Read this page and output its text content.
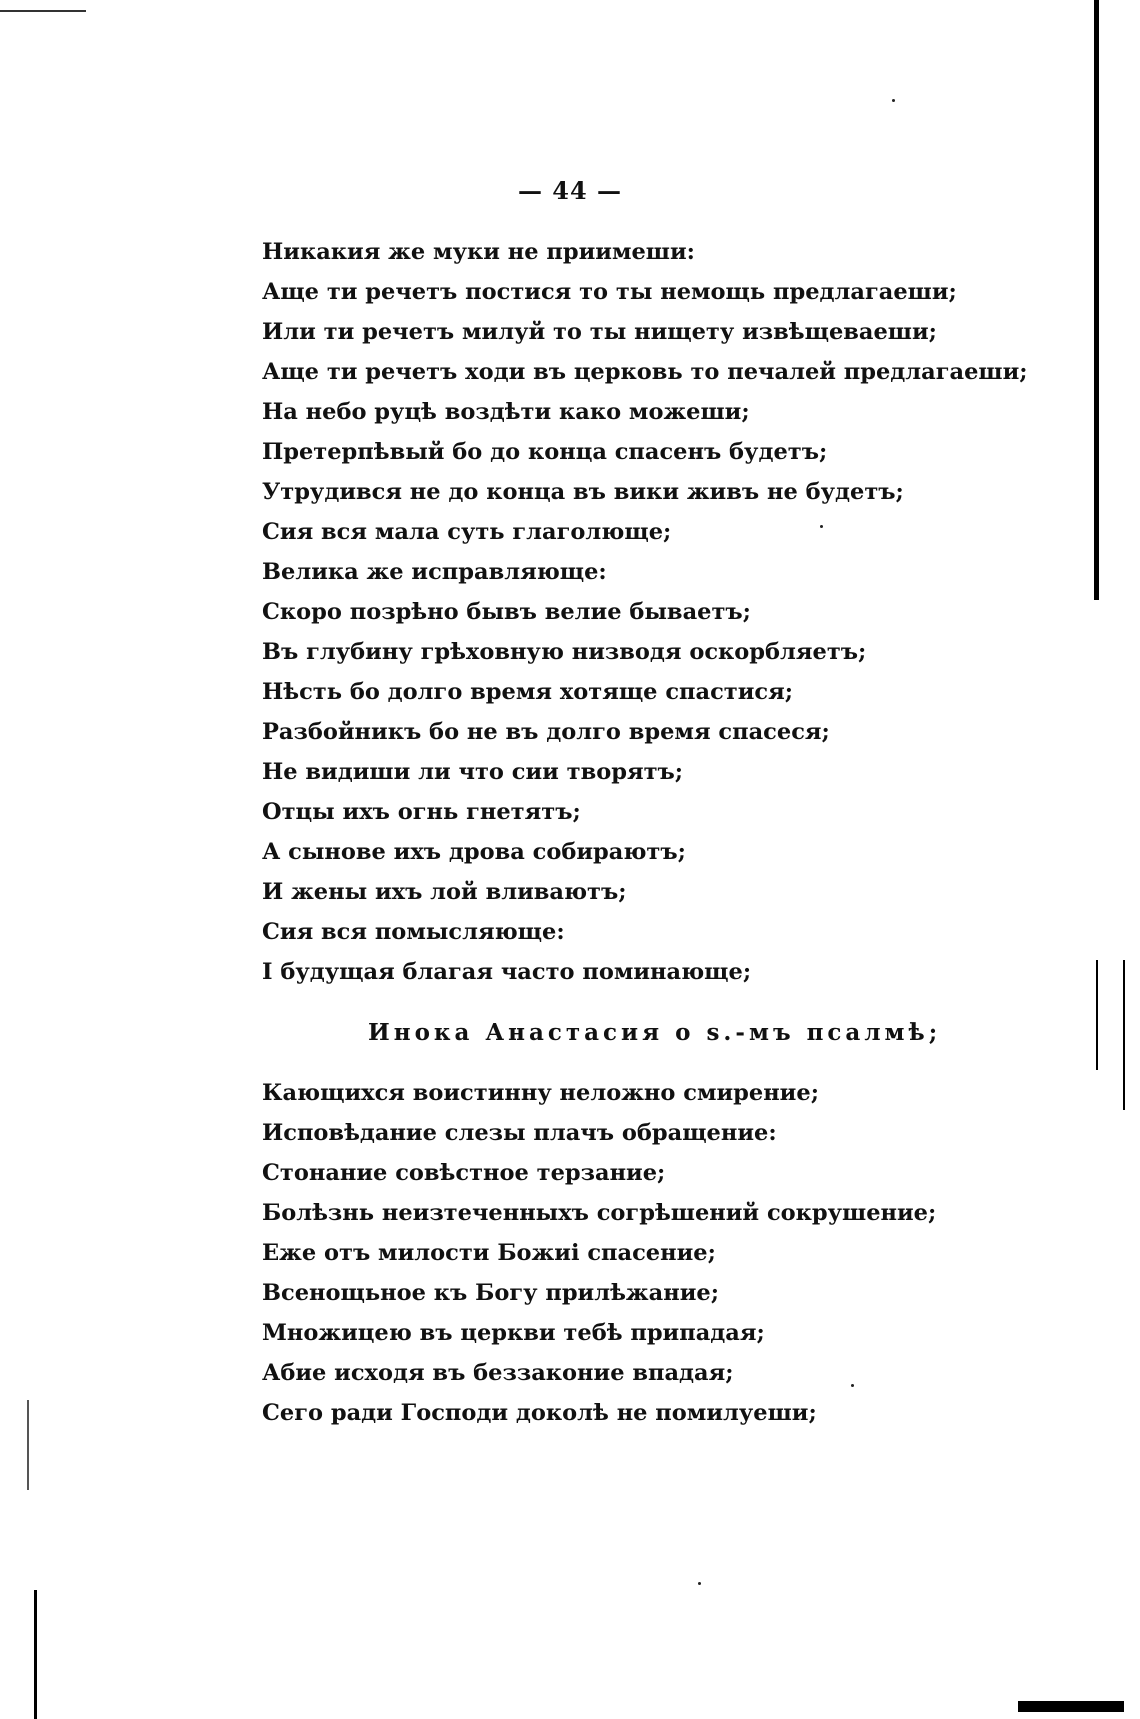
— 44 —
Никакия же муки не приимеши:
Аще ти речетъ постися то ты немощь предлагаеши;
Или ти речетъ милуй то ты нищету извѣщеваеши;
Аще ти речетъ ходи въ церковь то печалей предлагаеши;
На небо руцѣ воздѣти како можеши;
Претерпѣвый бо до конца спасенъ будетъ;
Утрудився не до конца въ вики живъ не будетъ;
Сия вся мала суть глаголюще;
Велика же исправляюще:
Скоро позрѣно бывъ велие бываетъ;
Въ глубину грѣховную низводя оскорбляетъ;
Нѣсть бо долго время хотяще спастися;
Разбойникъ бо не въ долго время спасеся;
Не видиши ли что сии творятъ;
Отцы ихъ огнь гнетятъ;
А сынове ихъ дрова собираютъ;
И жены ихъ лой вливаютъ;
Сия вся помысляюще:
I будущая благая часто поминающе;
Инока Анастасия о ѕ.-мъ псалмѣ;
Кающихся воистинну неложно смирение;
Исповѣдание слезы плачъ обращение:
Стонание совѣстное терзание;
Болѣзнь неизтеченныхъ согрѣшений сокрушение;
Еже отъ милости Божиі спасение;
Всенощьное къ Богу прилѣжание;
Множицею въ церкви тебѣ припадая;
Абие исходя въ беззаконие впадая;
Сего ради Господи доколѣ не помилуеши;
